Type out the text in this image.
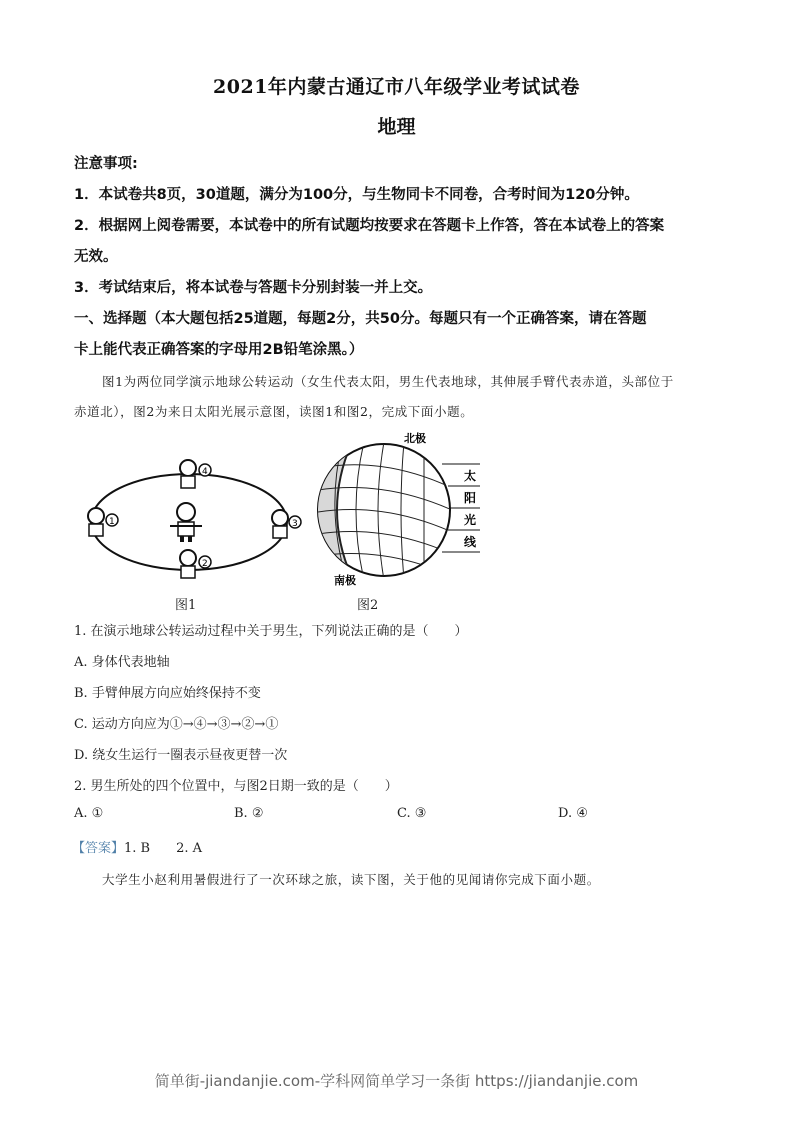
2021年内蒙古通辽市八年级学业考试试卷
地理
注意事项:
1．本试卷共8页，30道题，满分为100分，与生物同卡不同卷，合考时间为120分钟。
2．根据网上阅卷需要，本试卷中的所有试题均按要求在答题卡上作答，答在本试卷上的答案
无效。
3．考试结束后，将本试卷与答题卡分别封装一并上交。
一、选择题（本大题包括25道题，每题2分，共50分。每题只有一个正确答案，请在答题
卡上能代表正确答案的字母用2B铅笔涂黑。）
图1为两位同学演示地球公转运动（女生代表太阳，男生代表地球，其伸展手臂代表赤道，头部位于
赤道北），图2为来日太阳光展示意图，读图1和图2，完成下面小题。
4
1	3
2
图1
北极
南极
太
阳
光
线
图2
1. 在演示地球公转运动过程中关于男生，下列说法正确的是（　　）
A. 身体代表地轴
B. 手臂伸展方向应始终保持不变
C. 运动方向应为①→④→③→②→①
D. 绕女生运行一圈表示昼夜更替一次
2. 男生所处的四个位置中，与图2日期一致的是（　　）
A. ①	B. ②	C. ③	D. ④
【答案】1. B　　2. A
大学生小赵利用暑假进行了一次环球之旅，读下图，关于他的见闻请你完成下面小题。
简单街-jiandanjie.com-学科网简单学习一条街 https://jiandanjie.com
